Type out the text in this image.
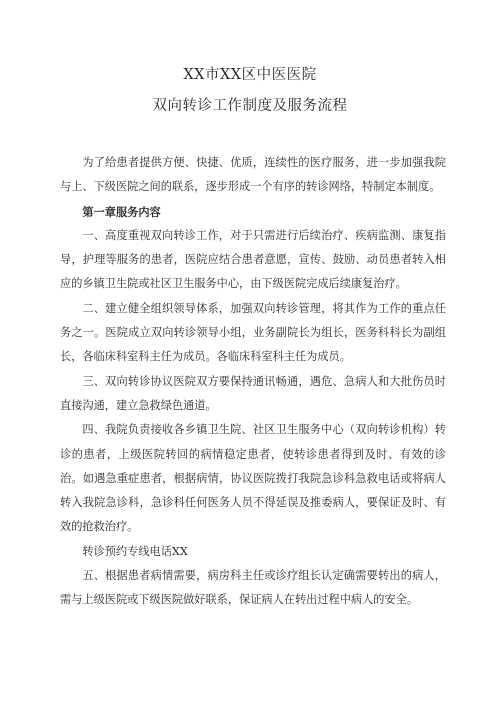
XX市XX区中医医院
双向转诊工作制度及服务流程

为了给患者提供方便、快捷、优质，连续性的医疗服务，进一步加强我院与上、下级医院之间的联系，逐步形成一个有序的转诊网络，特制定本制度。

第一章服务内容

一、高度重视双向转诊工作，对于只需进行后续治疗、疾病监测、康复指导，护理等服务的患者，医院应结合患者意愿，宣传、鼓励、动员患者转入相应的乡镇卫生院或社区卫生服务中心，由下级医院完成后续康复治疗。

二、建立健全组织领导体系，加强双向转诊管理，将其作为工作的重点任务之一。医院成立双向转诊领导小组，业务副院长为组长，医务科科长为副组长，各临床科室科主任为成员。各临床科室科主任为成员。

三、双向转诊协议医院双方要保持通讯畅通，遇危、急病人和大批伤员时直接沟通，建立急救绿色通道。

四、我院负责接收各乡镇卫生院、社区卫生服务中心（双向转诊机构）转诊的患者，上级医院转回的病情稳定患者，使转诊患者得到及时、有效的诊治。如遇急重症患者，根据病情，协议医院拨打我院急诊科急救电话或将病人转入我院急诊科，急诊科任何医务人员不得延误及推委病人，要保证及时、有效的抢救治疗。

转诊预约专线电话XX

五、根据患者病情需要，病房科主任或诊疗组长认定确需要转出的病人，需与上级医院或下级医院做好联系，保证病人在转出过程中病人的安全。
